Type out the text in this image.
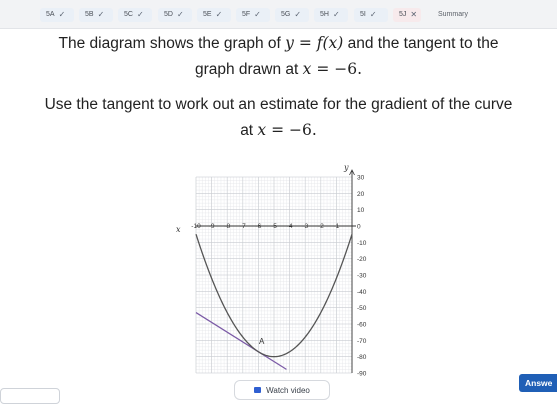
5A ✓	5B ✓	5C ✓	5D ✓	5E ✓	5F ✓	5G ✓	5H ✓	5I ✓	5J ✕	Summary
The diagram shows the graph of y = f(x) and the tangent to the
graph drawn at x = −6.
Use the tangent to work out an estimate for the gradient of the curve
at x = −6.
-10 -9 -8 -7 -6 -5 -4 -3 -2 -1
30
20
10
0
-10
-20
-30
-40
-50
-60
-70
-80
-90
A
x
y
Watch video
Answe
